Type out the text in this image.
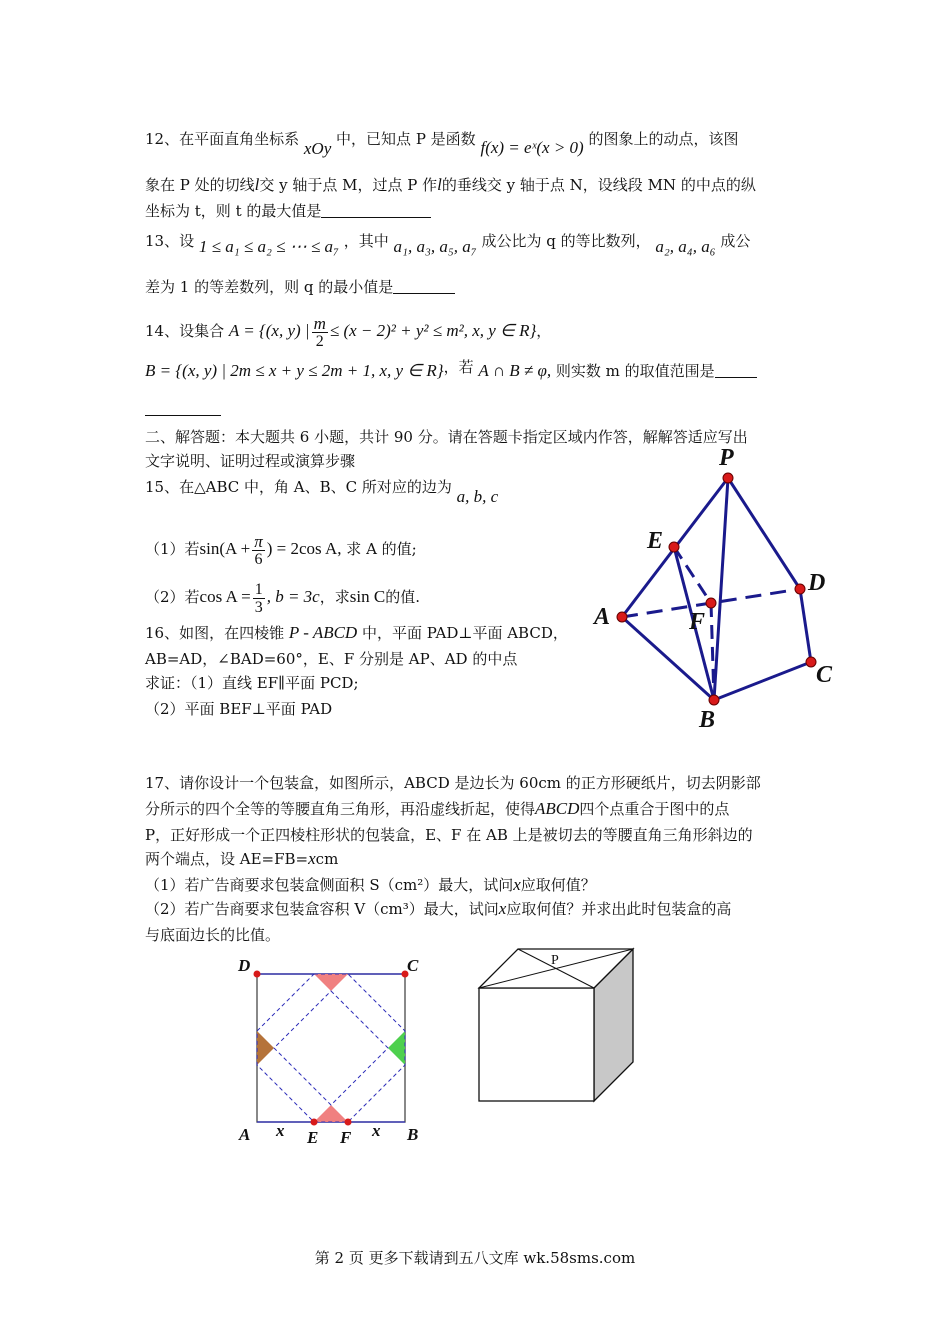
12、在平面直角坐标系 xOy 中，已知点 P 是函数 f(x) = eˣ(x > 0) 的图象上的动点，该图
象在 P 处的切线l交 y 轴于点 M，过点 P 作l的垂线交 y 轴于点 N，设线段 MN 的中点的纵
坐标为 t，则 t 的最大值是
13、设 1 ≤ a₁ ≤ a₂ ≤ ⋯ ≤ a₇ ，其中 a₁, a₃, a₅, a₇ 成公比为 q 的等比数列， a₂, a₄, a₆ 成公
差为 1 的等差数列，则 q 的最小值是
14、设集合 A = {(x, y) | $\frac{m}{2} \le (x - 2)^2 + y^2 \le m^2$, x, y ∈ R}，
B = {(x, y) | 2m ≤ x + y ≤ 2m + 1, x, y ∈ R}，若 A ∩ B ≠ φ, 则实数 m 的取值范围是
二、解答题：本大题共 6 小题，共计 90 分。请在答题卡指定区域内作答，解解答适应写出
文字说明、证明过程或演算步骤
15、在△ABC 中，角 A、B、C 所对应的边为 a, b, c
（1）若$\sin(A + \frac{\pi}{6}$ ) = 2cos A, 求 A 的值;
（2）若$\cos A = \frac{1}{3}$ , b = 3c，求sin C的值.
16、如图，在四棱锥 P - ABCD 中，平面 PAD⊥平面 ABCD，
AB=AD，∠BAD=60°，E、F 分别是 AP、AD 的中点
求证：（1）直线 EF∥平面 PCD;
（2）平面 BEF⊥平面 PAD
P
E
D
A	F
C
B
17、请你设计一个包装盒，如图所示，ABCD 是边长为 60cm 的正方形硬纸片，切去阴影部
分所示的四个全等的等腰直角三角形，再沿虚线折起，使得ABCD四个点重合于图中的点
P，正好形成一个正四棱柱形状的包装盒，E、F 在 AB 上是被切去的等腰直角三角形斜边的
两个端点，设 AE=FB=xcm
（1）若广告商要求包装盒侧面积 S（cm²）最大，试问x应取何值？
（2）若广告商要求包装盒容积 V（cm³）最大，试问x应取何值？并求出此时包装盒的高
与底面边长的比值。
D	C
A	B
E F
x	x
P
第 2 页 更多下载请到五八文库 wk.58sms.com
